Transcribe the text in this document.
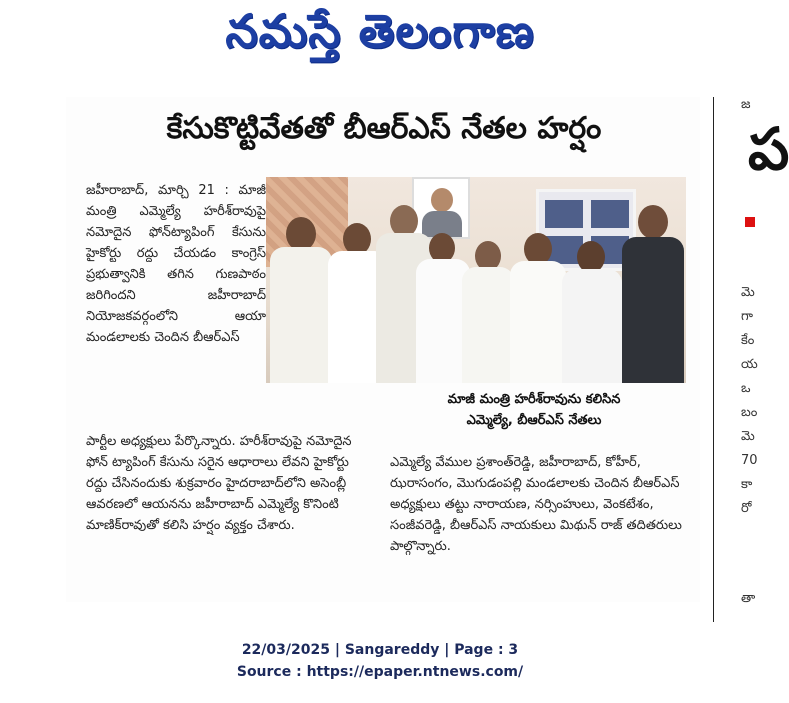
నమస్తే తెలంగాణ
కేసుకొట్టివేతతో బీఆర్‌ఎస్ నేతల హర్షం
జహీరాబాద్, మార్చి 21 : మాజీ మంత్రి ఎమ్మెల్యే హరీశ్‌రావుపై నమోదైన ఫోన్‌ట్యాపింగ్ కేసును హైకోర్టు రద్దు చేయడం కాంగ్రెస్ ప్రభుత్వానికి తగిన గుణపాఠం జరిగిందని జహీరాబాద్ నియోజకవర్గంలోని ఆయా మండలాలకు చెందిన బీఆర్‌ఎస్
మాజీ మంత్రి హరీశ్‌రావును కలిసిన
ఎమ్మెల్యే, బీఆర్‌ఎస్ నేతలు
పార్టీల అధ్యక్షులు పేర్కొన్నారు. హరీశ్‌రావుపై నమోదైన ఫోన్ ట్యాపింగ్ కేసును సరైన ఆధారాలు లేవని హైకోర్టు రద్దు చేసినందుకు శుక్రవారం హైదరాబాద్‌లోని అసెంబ్లీ ఆవరణలో ఆయనను జహీరాబాద్ ఎమ్మెల్యే కొనింటి మాణిక్‌రావుతో కలిసి హర్షం వ్యక్తం చేశారు.
ఎమ్మెల్యే వేముల ప్రశాంత్‌రెడ్డి, జహీరాబాద్, కోహీర్, ఝరాసంగం, మొగుడంపల్లి మండలాలకు చెందిన బీఆర్‌ఎస్ అధ్యక్షులు తట్టు నారాయణ, నర్సింహులు, వెంకటేశం, సంజీవరెడ్డి, బీఆర్‌ఎస్ నాయకులు మిథున్ రాజ్ తదితరులు పాల్గొన్నారు.
జ
ప
మె
గా
కేం
య
ఒ
బం
మె
70
కా
రో
తా
22/03/2025 | Sangareddy | Page : 3
Source : https://epaper.ntnews.com/
